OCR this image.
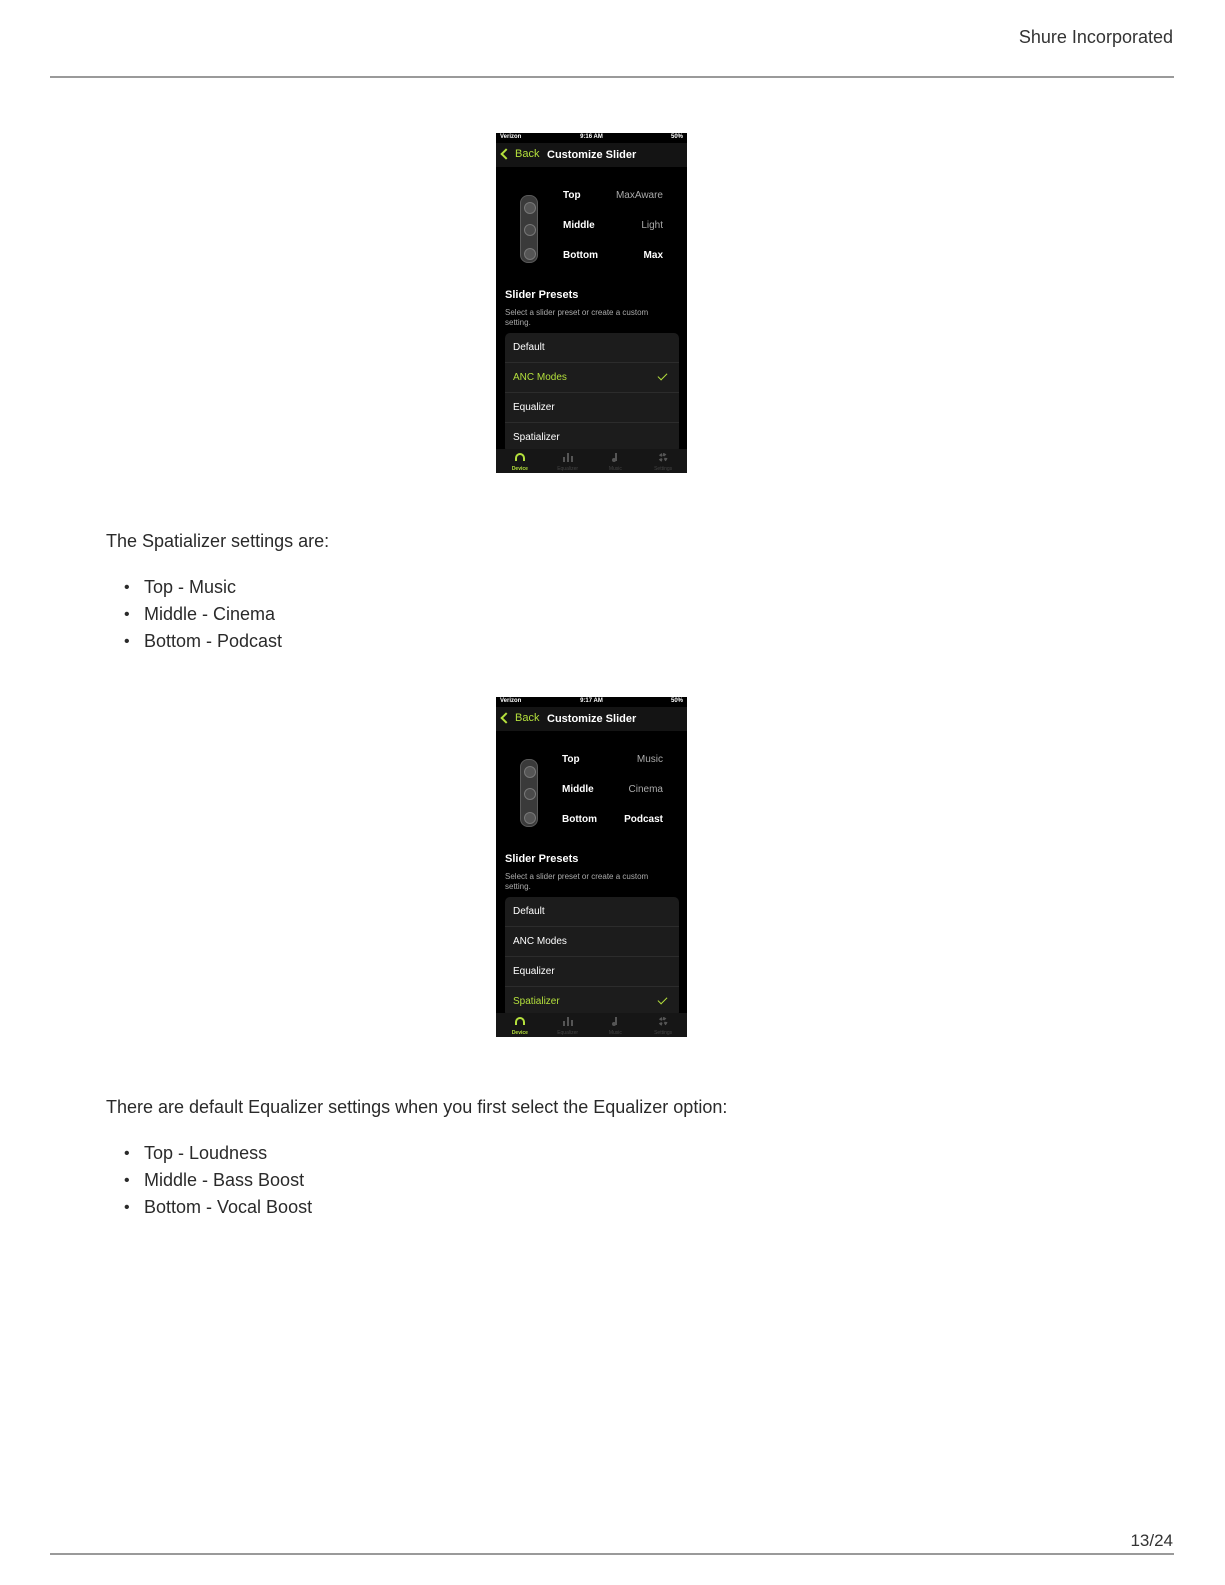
Shure Incorporated
Verizon	9:16 AM	50%
Back Customize Slider
Top	MaxAware
Middle	Light
Bottom	Max
Slider Presets
Select a slider preset or create a custom setting.
Default
ANC Modes
Equalizer
Spatializer
Device	Equalizer	Music	Settings
The Spatializer settings are:
• Top - Music
• Middle - Cinema
• Bottom - Podcast
Verizon	9:17 AM	50%
Back Customize Slider
Top	Music
Middle	Cinema
Bottom	Podcast
Slider Presets
Select a slider preset or create a custom setting.
Default
ANC Modes
Equalizer
Spatializer
Device	Equalizer	Music	Settings
There are default Equalizer settings when you first select the Equalizer option:
• Top - Loudness
• Middle - Bass Boost
• Bottom - Vocal Boost
13/24
